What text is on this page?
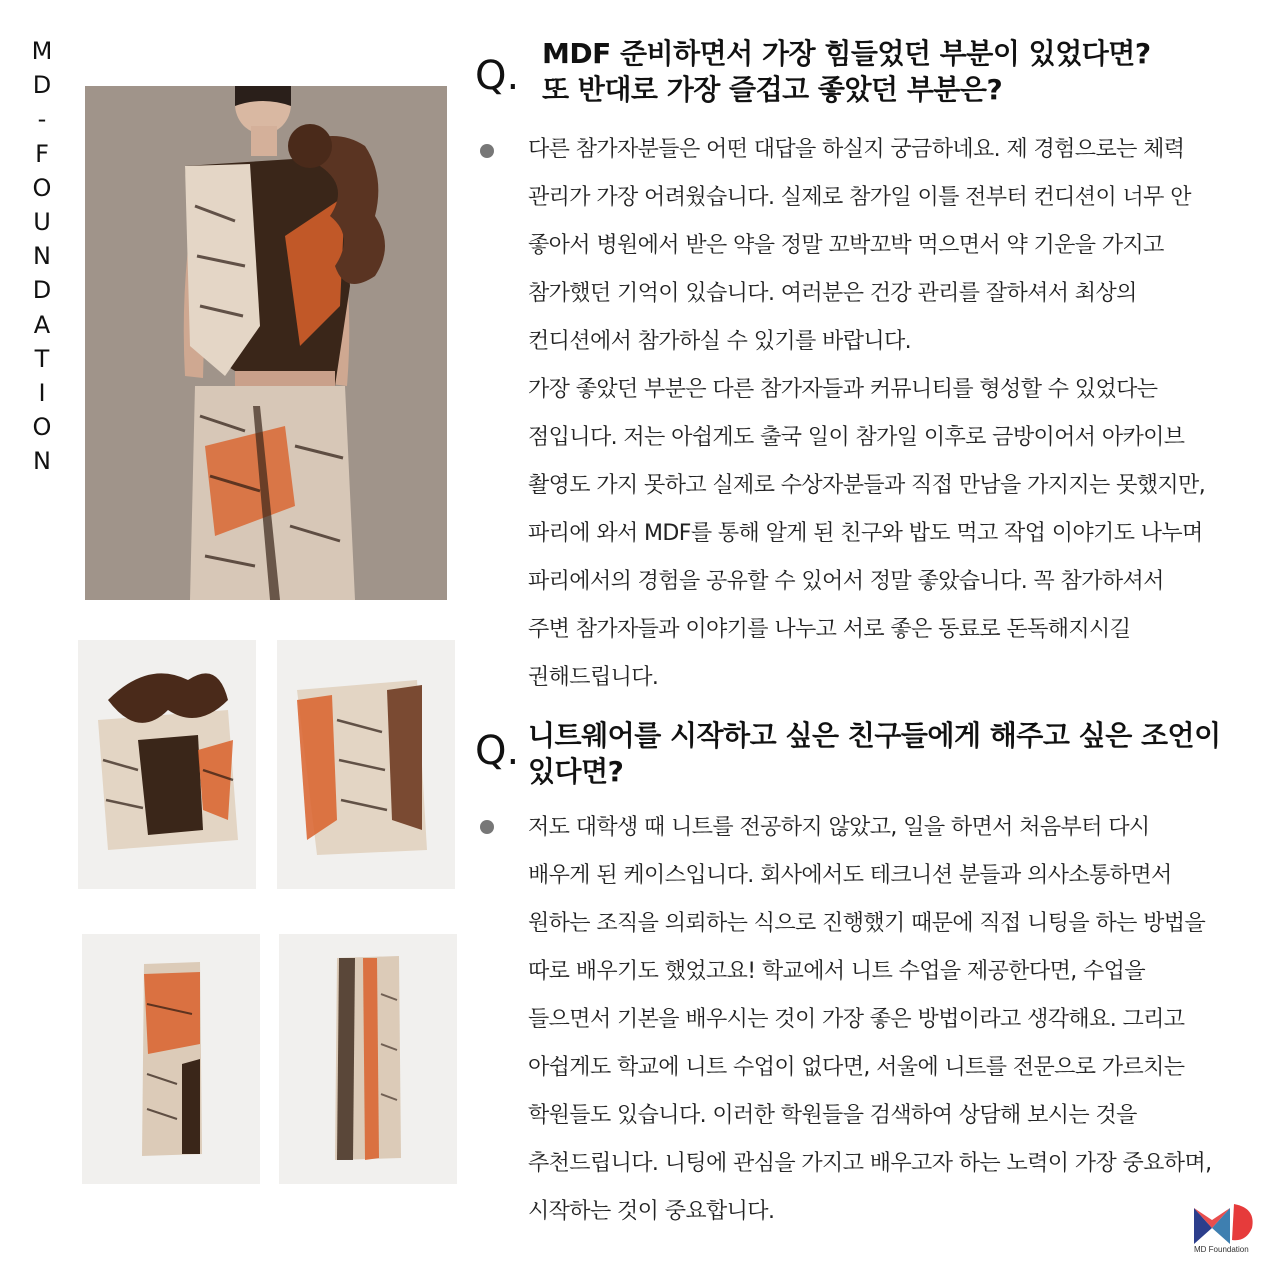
M
D
-
F
O
U
N
D
A
T
I
O
N
Q. MDF 준비하면서 가장 힘들었던 부분이 있었다면?
또 반대로 가장 즐겁고 좋았던 부분은?
다른 참가자분들은 어떤 대답을 하실지 궁금하네요. 제 경험으로는 체력
관리가 가장 어려웠습니다. 실제로 참가일 이틀 전부터 컨디션이 너무 안
좋아서 병원에서 받은 약을 정말 꼬박꼬박 먹으면서 약 기운을 가지고
참가했던 기억이 있습니다. 여러분은 건강 관리를 잘하셔서 최상의
컨디션에서 참가하실 수 있기를 바랍니다.
가장 좋았던 부분은 다른 참가자들과 커뮤니티를 형성할 수 있었다는
점입니다. 저는 아쉽게도 출국 일이 참가일 이후로 금방이어서 아카이브
촬영도 가지 못하고 실제로 수상자분들과 직접 만남을 가지지는 못했지만,
파리에 와서 MDF를 통해 알게 된 친구와 밥도 먹고 작업 이야기도 나누며
파리에서의 경험을 공유할 수 있어서 정말 좋았습니다. 꼭 참가하셔서
주변 참가자들과 이야기를 나누고 서로 좋은 동료로 돈독해지시길
권해드립니다.
Q. 니트웨어를 시작하고 싶은 친구들에게 해주고 싶은 조언이
있다면?
저도 대학생 때 니트를 전공하지 않았고, 일을 하면서 처음부터 다시
배우게 된 케이스입니다. 회사에서도 테크니션 분들과 의사소통하면서
원하는 조직을 의뢰하는 식으로 진행했기 때문에 직접 니팅을 하는 방법을
따로 배우기도 했었고요! 학교에서 니트 수업을 제공한다면, 수업을
들으면서 기본을 배우시는 것이 가장 좋은 방법이라고 생각해요. 그리고
아쉽게도 학교에 니트 수업이 없다면, 서울에 니트를 전문으로 가르치는
학원들도 있습니다. 이러한 학원들을 검색하여 상담해 보시는 것을
추천드립니다. 니팅에 관심을 가지고 배우고자 하는 노력이 가장 중요하며,
시작하는 것이 중요합니다.
MD Foundation
